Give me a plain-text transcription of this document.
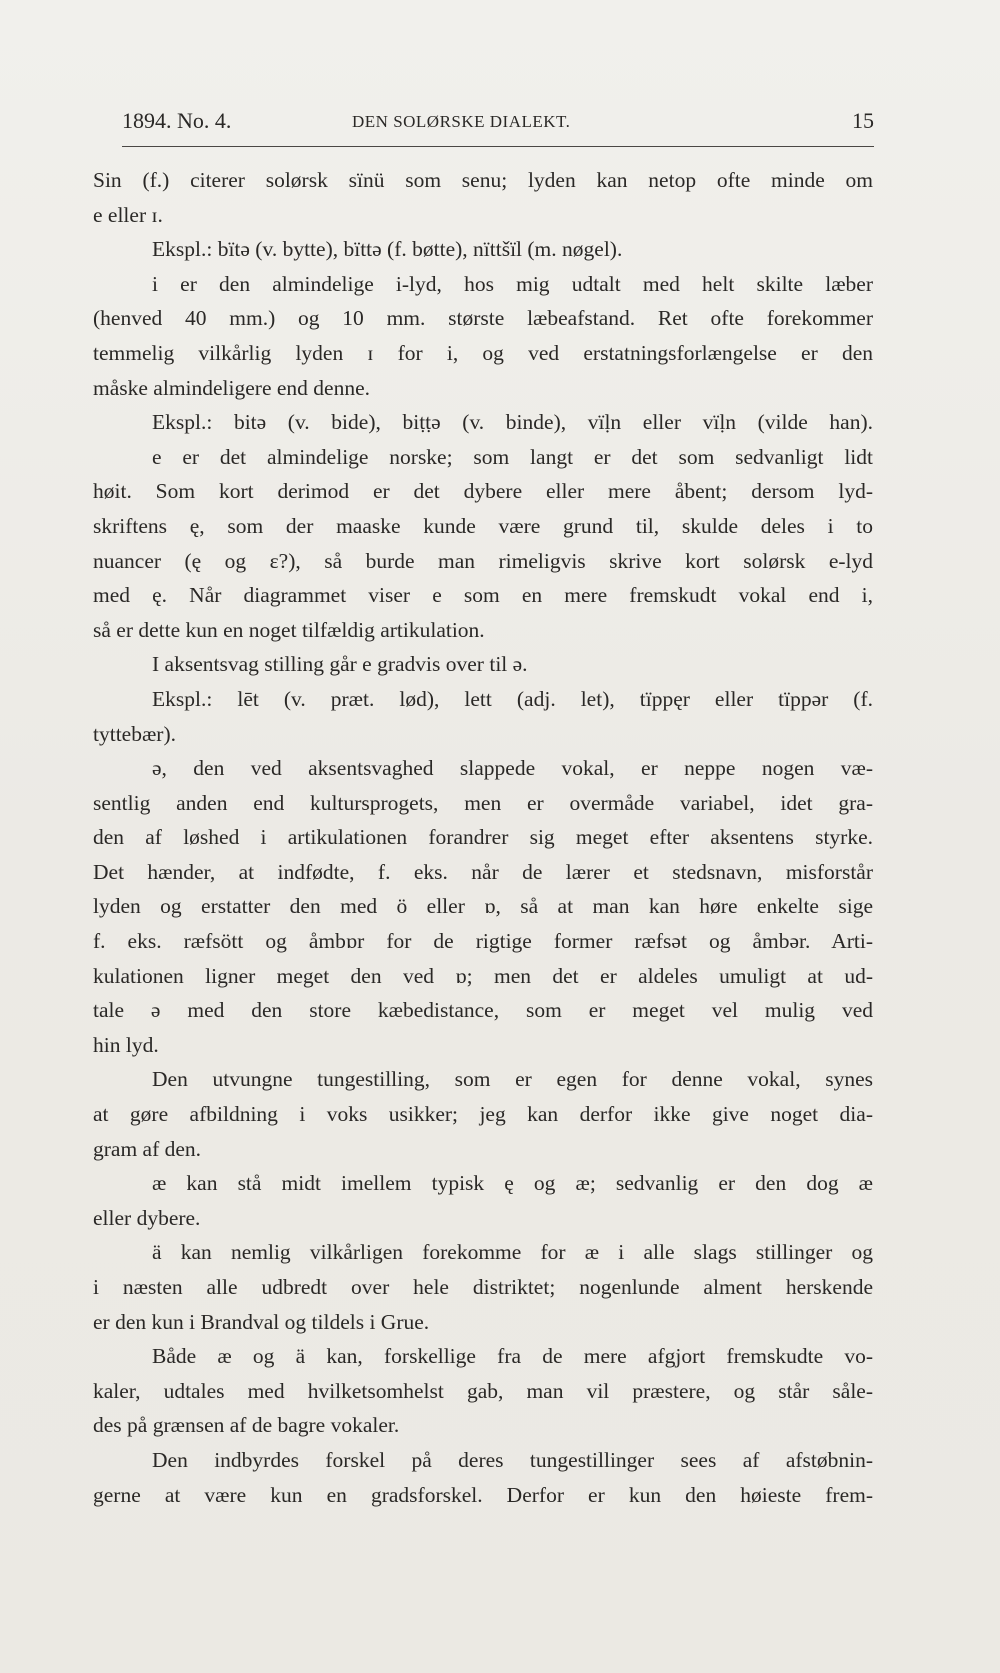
1894. No. 4.	DEN SOLØRSKE DIALEKT.	15
Sin (f.) citerer solørsk sïnü som senu; lyden kan netop ofte minde om
e eller ɪ.
Ekspl.: bïtə (v. bytte), bïttə (f. bøtte), nïttšïl (m. nøgel).
i er den almindelige i-lyd, hos mig udtalt med helt skilte læber
(henved 40 mm.) og 10 mm. største læbeafstand. Ret ofte forekommer
temmelig vilkårlig lyden ɪ for i, og ved erstatningsforlængelse er den
måske almindeligere end denne.
Ekspl.: bitə (v. bide), biṭṭə (v. binde), vïḷn eller vïḷn (vilde han).
e er det almindelige norske; som langt er det som sedvanligt lidt
høit. Som kort derimod er det dybere eller mere åbent; dersom lyd-
skriftens ę, som der maaske kunde være grund til, skulde deles i to
nuancer (ę og ε?), så burde man rimeligvis skrive kort solørsk e-lyd
med ę. Når diagrammet viser e som en mere fremskudt vokal end i,
så er dette kun en noget tilfældig artikulation.
I aksentsvag stilling går e gradvis over til ə.
Ekspl.: lēt (v. præt. lød), lett (adj. let), tïppęr eller tïppər (f.
tyttebær).
ə, den ved aksentsvaghed slappede vokal, er neppe nogen væ-
sentlig anden end kultursprogets, men er overmåde variabel, idet gra-
den af løshed i artikulationen forandrer sig meget efter aksentens styrke.
Det hænder, at indfødte, f. eks. når de lærer et stedsnavn, misforstår
lyden og erstatter den med ö eller ɒ, så at man kan høre enkelte sige
f. eks. ræfsött og åmbɒr for de rigtige former ræfsət og åmbər. Arti-
kulationen ligner meget den ved ɒ; men det er aldeles umuligt at ud-
tale ə med den store kæbedistance, som er meget vel mulig ved
hin lyd.
Den utvungne tungestilling, som er egen for denne vokal, synes
at gøre afbildning i voks usikker; jeg kan derfor ikke give noget dia-
gram af den.
æ kan stå midt imellem typisk ę og æ; sedvanlig er den dog æ
eller dybere.
ä kan nemlig vilkårligen forekomme for æ i alle slags stillinger og
i næsten alle udbredt over hele distriktet; nogenlunde alment herskende
er den kun i Brandval og tildels i Grue.
Både æ og ä kan, forskellige fra de mere afgjort fremskudte vo-
kaler, udtales med hvilketsomhelst gab, man vil præstere, og står såle-
des på grænsen af de bagre vokaler.
Den indbyrdes forskel på deres tungestillinger sees af afstøbnin-
gerne at være kun en gradsforskel. Derfor er kun den høieste frem-
